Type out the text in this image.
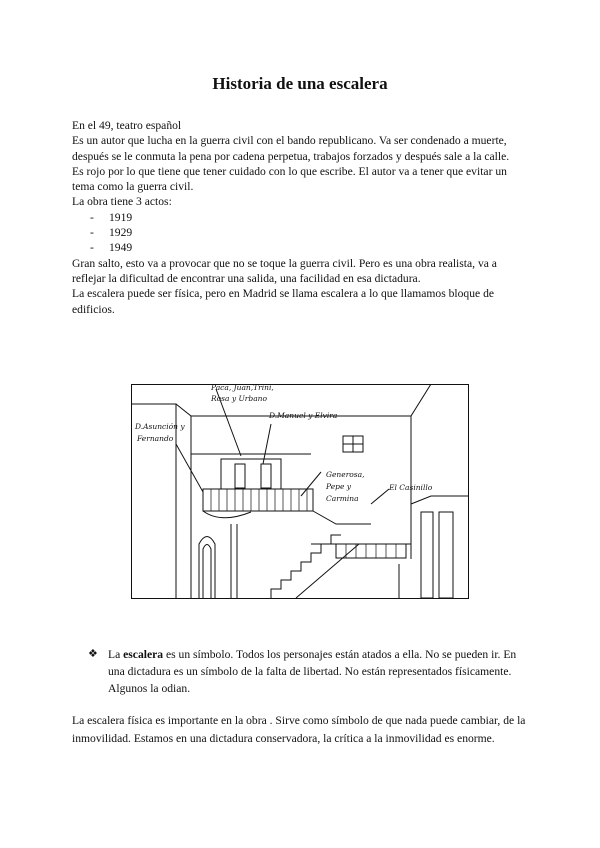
Historia de una escalera

En el 49, teatro español

Es un autor que lucha en la guerra civil con el bando republicano. Va ser condenado a muerte, después se le conmuta la pena por cadena perpetua, trabajos forzados y después sale a la calle.

Es rojo por lo que tiene que tener cuidado con lo que escribe. El autor va a tener que evitar un tema como la guerra civil.

La obra tiene 3 actos:

- 1919
- 1929
- 1949

Gran salto, esto va a provocar que no se toque la guerra civil. Pero es una obra realista, va a reflejar la dificultad de encontrar una salida, una facilidad en esa dictadura.

La escalera puede ser física, pero en Madrid se llama escalera a lo que llamamos bloque de edificios.

Paca, Juan,Trini,
Rosa y Urbano
D.Manuel y Elvira
D.Asunción y
Fernando
Generosa,
Pepe y
Carmina
El Casinillo
❖ La escalera es un símbolo. Todos los personajes están atados a ella. No se pueden ir. En una dictadura es un símbolo de la falta de libertad. No están representados físicamente. Algunos la odian.

La escalera física es importante en la obra . Sirve como símbolo de que nada puede cambiar, de la inmovilidad. Estamos en una dictadura conservadora, la crítica a la inmovilidad es enorme.
